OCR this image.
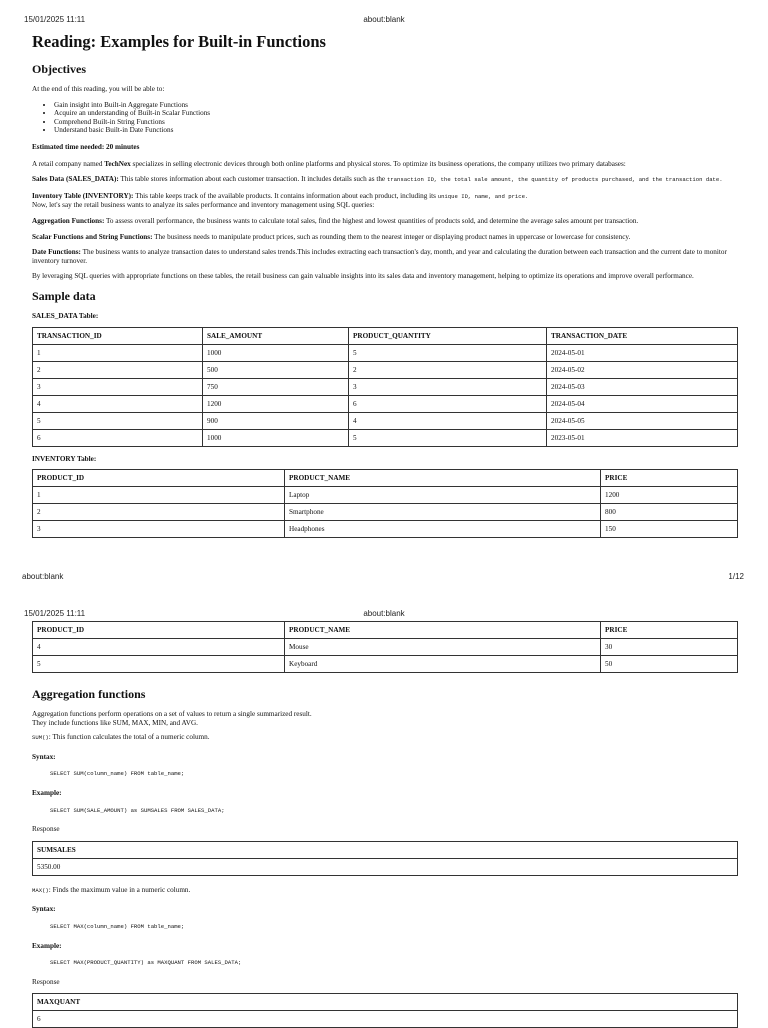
15/01/2025 11:11	about:blank
Reading: Examples for Built-in Functions
Objectives

At the end of this reading, you will be able to:

• Gain insight into Built-in Aggregate Functions
• Acquire an understanding of Built-in Scalar Functions
• Comprehend Built-in String Functions
• Understand basic Built-in Date Functions

Estimated time needed: 20 minutes

A retail company named TechNex specializes in selling electronic devices through both online platforms and physical stores. To optimize its business operations, the company utilizes two primary databases:

Sales Data (SALES_DATA): This table stores information about each customer transaction. It includes details such as the transaction ID, the total sale amount, the quantity of products purchased, and the transaction date.

Inventory Table (INVENTORY): This table keeps track of the available products. It contains information about each product, including its unique ID, name, and price.

Now, let's say the retail business wants to analyze its sales performance and inventory management using SQL queries:

Aggregation Functions: To assess overall performance, the business wants to calculate total sales, find the highest and lowest quantities of products sold, and determine the average sales amount per transaction.

Scalar Functions and String Functions: The business needs to manipulate product prices, such as rounding them to the nearest integer or displaying product names in uppercase or lowercase for consistency.

Date Functions: The business wants to analyze transaction dates to understand sales trends.This includes extracting each transaction's day, month, and year and calculating the duration between each transaction and the current date to monitor inventory turnover.

By leveraging SQL queries with appropriate functions on these tables, the retail business can gain valuable insights into its sales data and inventory management, helping to optimize its operations and improve overall performance.

Sample data

SALES_DATA Table:

TRANSACTION_ID	SALE_AMOUNT	PRODUCT_QUANTITY	TRANSACTION_DATE
1	1000	5	2024-05-01
2	500	2	2024-05-02
3	750	3	2024-05-03
4	1200	6	2024-05-04
5	900	4	2024-05-05
6	1000	5	2023-05-01

INVENTORY Table:

PRODUCT_ID	PRODUCT_NAME	PRICE
1	Laptop	1200
2	Smartphone	800
3	Headphones	150
about:blank	1/12
15/01/2025 11:11	about:blank
PRODUCT_ID	PRODUCT_NAME	PRICE
4	Mouse	30
5	Keyboard	50
Aggregation functions

Aggregation functions perform operations on a set of values to return a single summarized result.
They include functions like SUM, MAX, MIN, and AVG.

SUM(): This function calculates the total of a numeric column.

Syntax:

SELECT SUM(column_name) FROM table_name;

Example:

SELECT SUM(SALE_AMOUNT) as SUMSALES FROM SALES_DATA;

Response

SUMSALES
5350.00

MAX(): Finds the maximum value in a numeric column.

Syntax:

SELECT MAX(column_name) FROM table_name;

Example:

SELECT MAX(PRODUCT_QUANTITY) as MAXQUANT FROM SALES_DATA;

Response

MAXQUANT
6
